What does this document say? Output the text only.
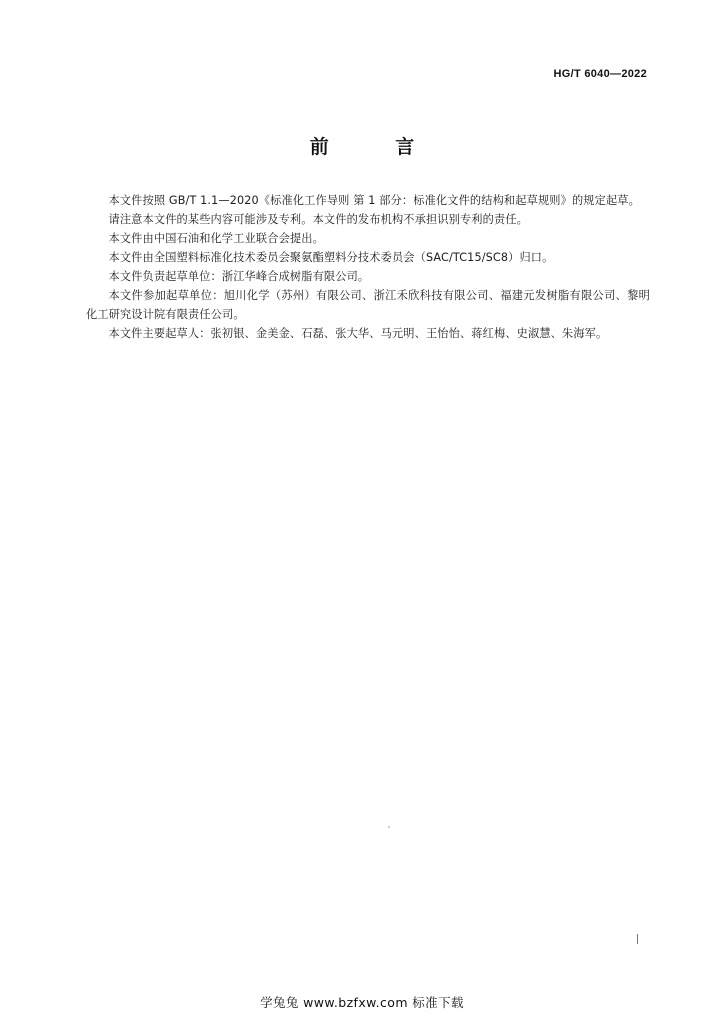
HG/T 6040—2022
前 言

本文件按照 GB/T 1.1—2020《标准化工作导则 第 1 部分：标准化文件的结构和起草规则》的规定起草。

请注意本文件的某些内容可能涉及专利。本文件的发布机构不承担识别专利的责任。

本文件由中国石油和化学工业联合会提出。

本文件由全国塑料标准化技术委员会聚氨酯塑料分技术委员会（SAC/TC15/SC8）归口。

本文件负责起草单位：浙江华峰合成树脂有限公司。

本文件参加起草单位：旭川化学（苏州）有限公司、浙江禾欣科技有限公司、福建元发树脂有限公司、黎明化工研究设计院有限责任公司。

本文件主要起草人：张初银、金美金、石磊、张大华、马元明、王怡怡、蒋红梅、史淑慧、朱海军。

学兔兔 www.bzfxw.com 标准下载
